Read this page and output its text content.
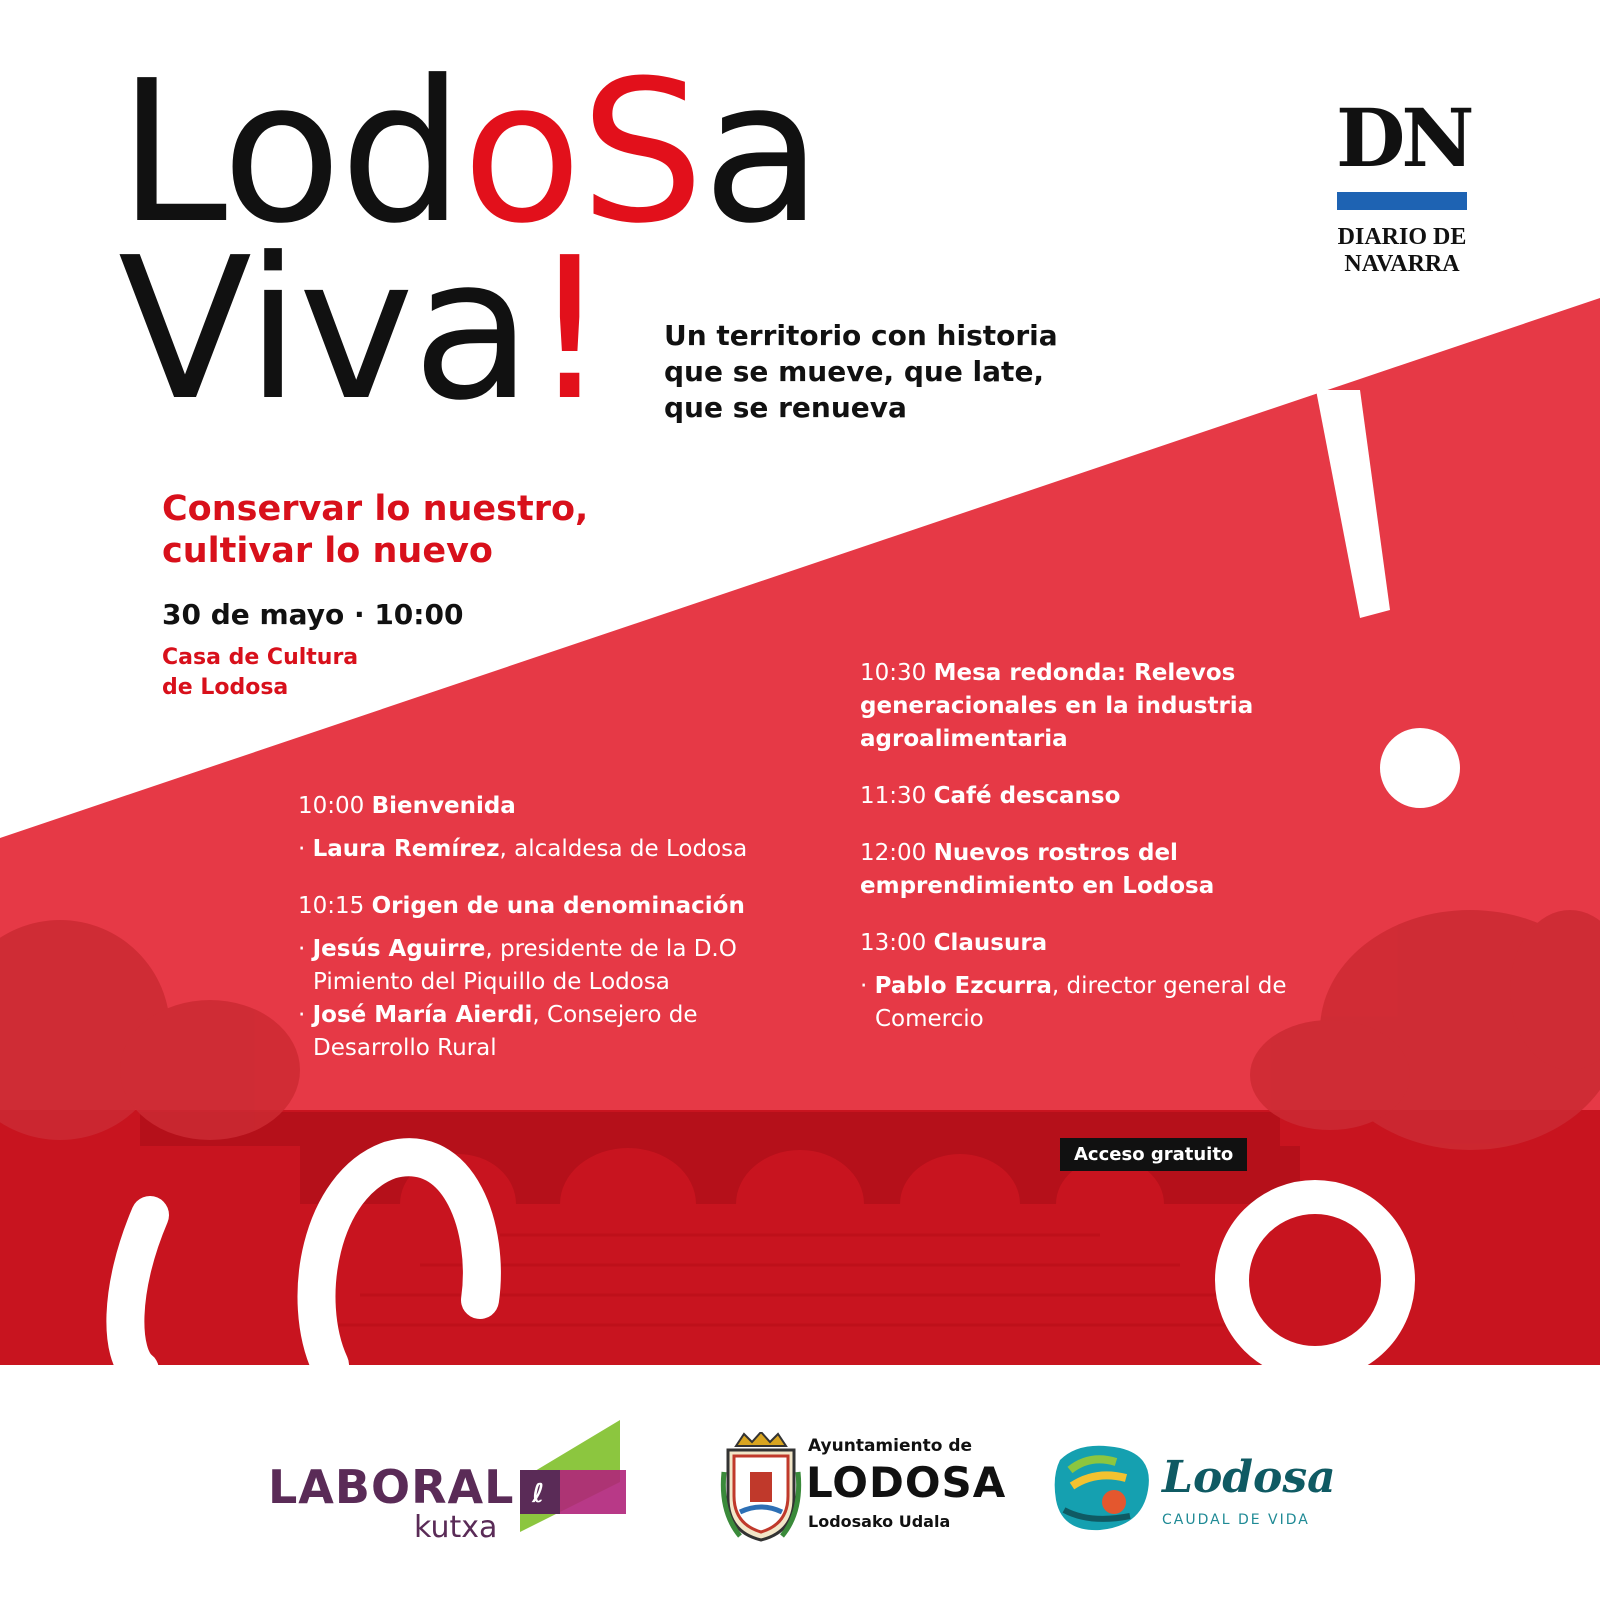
LodoSa
Viva!
DN
DIARIO DE
NAVARRA
Un territorio con historia
que se mueve, que late,
que se renueva
Conservar lo nuestro,
cultivar lo nuevo
30 de mayo · 10:00
Casa de Cultura
de Lodosa

10:00 Bienvenida

· Laura Remírez, alcaldesa de Lodosa

10:15 Origen de una denominación

· Jesús Aguirre, presidente de la D.O Pimiento del Piquillo de Lodosa

· José María Aierdi, Consejero de Desarrollo Rural

10:30 Mesa redonda: Relevos generacionales en la industria agroalimentaria

11:30 Café descanso

12:00 Nuevos rostros del emprendimiento en Lodosa

13:00 Clausura

· Pablo Ezcurra, director general de Comercio

Acceso gratuito
LABORAL
kutxa
ℓ
Ayuntamiento de
LODOSA
Lodosako Udala
Lodosa
CAUDAL DE VIDA
